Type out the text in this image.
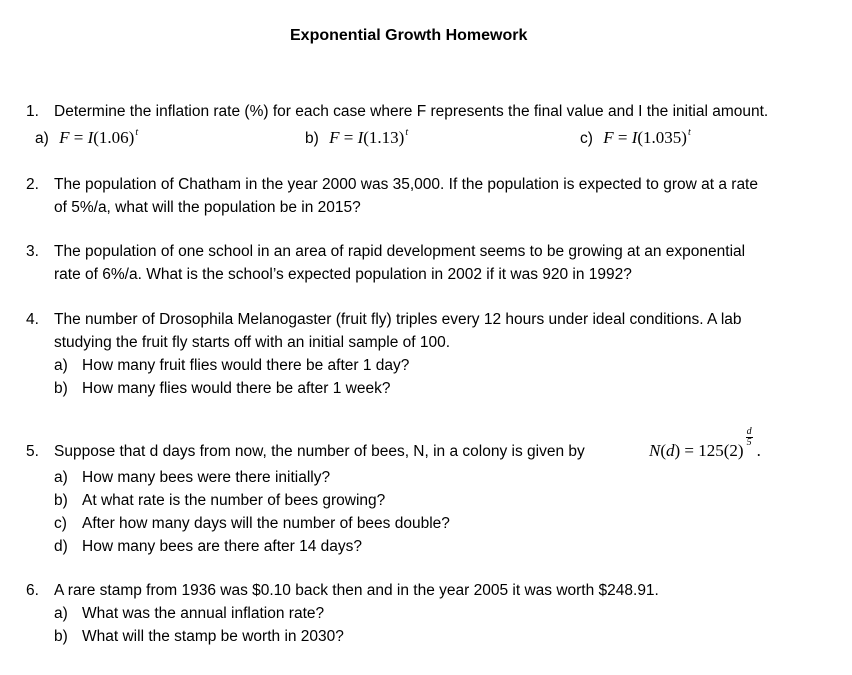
Exponential Growth Homework
1. Determine the inflation rate (%) for each case where F represents the final value and I the initial amount.
a) $F = I(1.06)^t$	b) $F = I(1.13)^t$	c) $F = I(1.035)^t$
2. The population of Chatham in the year 2000 was 35,000. If the population is expected to grow at a rate
of 5%/a, what will the population be in 2015?
3. The population of one school in an area of rapid development seems to be growing at an exponential
rate of 6%/a. What is the school’s expected population in 2002 if it was 920 in 1992?
4. The number of Drosophila Melanogaster (fruit fly) triples every 12 hours under ideal conditions. A lab
studying the fruit fly starts off with an initial sample of 100.
a) How many fruit flies would there be after 1 day?
b) How many flies would there be after 1 week?
5. Suppose that d days from now, the number of bees, N, in a colony is given by	N(d) = 125(2)
$\frac{d}{5}$
.
a) How many bees were there initially?
b) At what rate is the number of bees growing?
c) After how many days will the number of bees double?
d) How many bees are there after 14 days?
6. A rare stamp from 1936 was $0.10 back then and in the year 2005 it was worth $248.91.
a) What was the annual inflation rate?
b) What will the stamp be worth in 2030?
